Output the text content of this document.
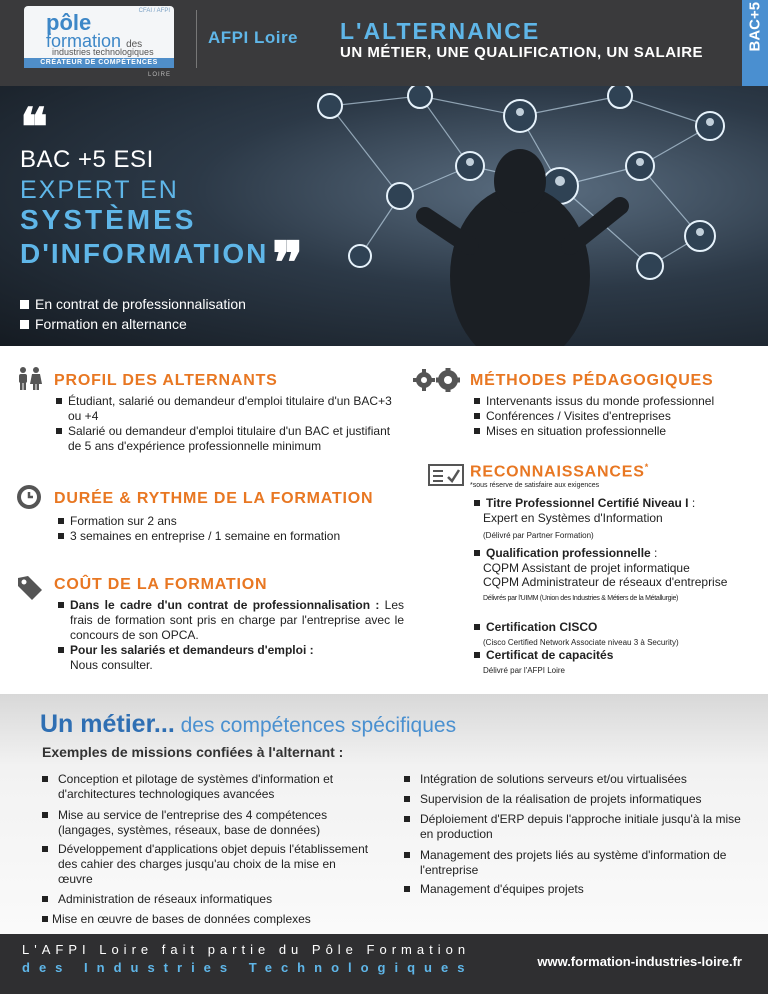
CFAI / AFPI
pôle
formation des
industries technologiques
CRÉATEUR DE COMPÉTENCES
LOIRE
AFPI Loire L'ALTERNANCE
UN MÉTIER, UNE QUALIFICATION, UN SALAIRE
BAC+5
❝
BAC +5 ESI
EXPERT EN
SYSTÈMES
D'INFORMATION ❞
En contrat de professionnalisation
Formation en alternance
PROFIL DES ALTERNANTS
Étudiant, salarié ou demandeur d'emploi titulaire d'un BAC+3 ou +4
Salarié ou demandeur d'emploi titulaire d'un BAC et justifiant de 5 ans d'expérience professionnelle minimum
MÉTHODES PÉDAGOGIQUES
Intervenants issus du monde professionnel
Conférences / Visites d'entreprises
Mises en situation professionnelle
RECONNAISSANCES*
*sous réserve de satisfaire aux exigences
Titre Professionnel Certifié Niveau I :
Expert en Systèmes d'Information
(Délivré par Partner Formation)
Qualification professionnelle :
CQPM Assistant de projet informatique
CQPM Administrateur de réseaux d'entreprise
Délivrés par l'UIMM (Union des Industries & Métiers de la Métallurgie)
Certification CISCO
(Cisco Certified Network Associate niveau 3 à Security)
Certificat de capacités
Délivré par l'AFPI Loire
DURÉE & RYTHME DE LA FORMATION
Formation sur 2 ans
3 semaines en entreprise / 1 semaine en formation
COÛT DE LA FORMATION
Dans le cadre d'un contrat de professionnalisation : Les frais de formation sont pris en charge par l'entreprise avec le concours de son OPCA.
Pour les salariés et demandeurs d'emploi :
Nous consulter.
Un métier... des compétences spécifiques
Exemples de missions confiées à l'alternant :
Conception et pilotage de systèmes d'information et d'architectures technologiques avancées
Mise au service de l'entreprise des 4 compétences (langages, systèmes, réseaux, base de données)
Développement d'applications objet depuis l'établissement des cahier des charges jusqu'au choix de la mise en œuvre
Administration de réseaux informatiques
Mise en œuvre de bases de données complexes
Intégration de solutions serveurs et/ou virtualisées
Supervision de la réalisation de projets informatiques
Déploiement d'ERP depuis l'approche initiale jusqu'à la mise en production
Management des projets liés au système d'information de l'entreprise
Management d'équipes projets
L'AFPI Loire fait partie du Pôle Formation
des Industries Technologiques	www.formation-industries-loire.fr
